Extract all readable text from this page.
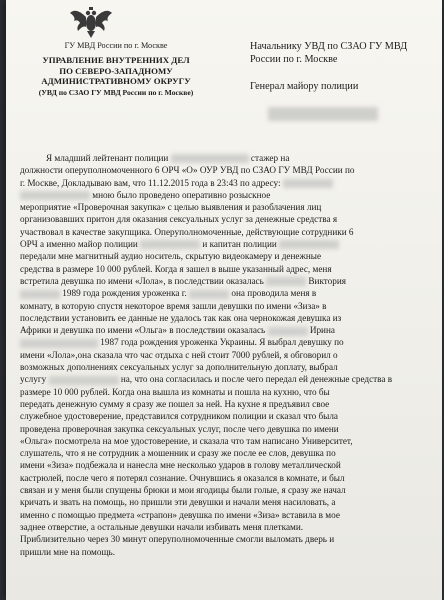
ГУ МВД России по г. Москве
УПРАВЛЕНИЕ ВНУТРЕННИХ ДЕЛ
ПО СЕВЕРО-ЗАПАДНОМУ
АДМИНИСТРАТИВНОМУ ОКРУГУ
(УВД по СЗАО ГУ МВД России по г. Москве)
Начальнику УВД по СЗАО ГУ МВД
России по г. Москве
Генерал майору полиции
Я младший лейтенант полиции	стажер на
должности оперуполномоченного 6 ОРЧ «О» ОУР УВД по СЗАО ГУ МВД России по
г. Москве, Докладываю вам, что 11.12.2015 года в 23:43 по адресу:
мною было проведено оперативно розыскное
мероприятие «Проверочная закупка» с целью выявления и разоблачения лиц
организовавших притон для оказания сексуальных услуг за денежные средства я
участвовал в качестве закупщика. Оперуполномоченные, действующие сотрудники 6
ОРЧ а именно майор полиции	и капитан полиции
передали мне магнитный аудио носитель, скрытую видеокамеру и денежные
средства в размере 10 000 рублей. Когда я зашел в выше указанный адрес, меня
встретила девушка по имени «Лола», в последствии оказалась	Виктория
1989 года рождения уроженка г.	она проводила меня в
комнату, в которую спустя некоторое время зашли девушки по имени «Зиза» в
последствии установить ее данные не удалось так как она чернокожая девушка из
Африки и девушка по имени «Ольга» в последствии оказалась	Ирина
1987 года рождения уроженка Украины. Я выбрал девушку по
имени «Лола»,она сказала что час отдыха с ней стоит 7000 рублей, я обговорил о
возможных дополнениях сексуальных услуг за дополнительную доплату, выбрал
услугу	на, что она согласилась и после чего передал ей денежные средства в
размере 10 000 рублей. Когда она вышла из комнаты и пошла на кухню, что бы
передать денежную сумму я сразу же пошел за ней. На кухне я предъявил свое
служебное удостоверение, представился сотрудником полиции и сказал что была
проведена проверочная закупка сексуальных услуг, после чего девушка по имени
«Ольга» посмотрела на мое удостоверение, и сказала что там написано Университет,
слушатель, что я не сотрудник а мошенник и сразу же после ее слов, девушка по
имени «Зиза» подбежала и нанесла мне несколько ударов в голову металлической
кастрюлей, после чего я потерял сознание. Очнувшись я оказался в комнате, и был
связан и у меня были спущены брюки и мои ягодицы были голые, я сразу же начал
кричать и звать на помощь, но пришли эти девушки и начали меня насиловать, а
именно с помощью предмета «страпон» девушка по имени «Зиза» вставила в мое
заднее отверстие, а остальные девушки начали избивать меня плетками.
Приблизительно через 30 минут оперуполномоченные смогли выломать дверь и
пришли мне на помощь.
